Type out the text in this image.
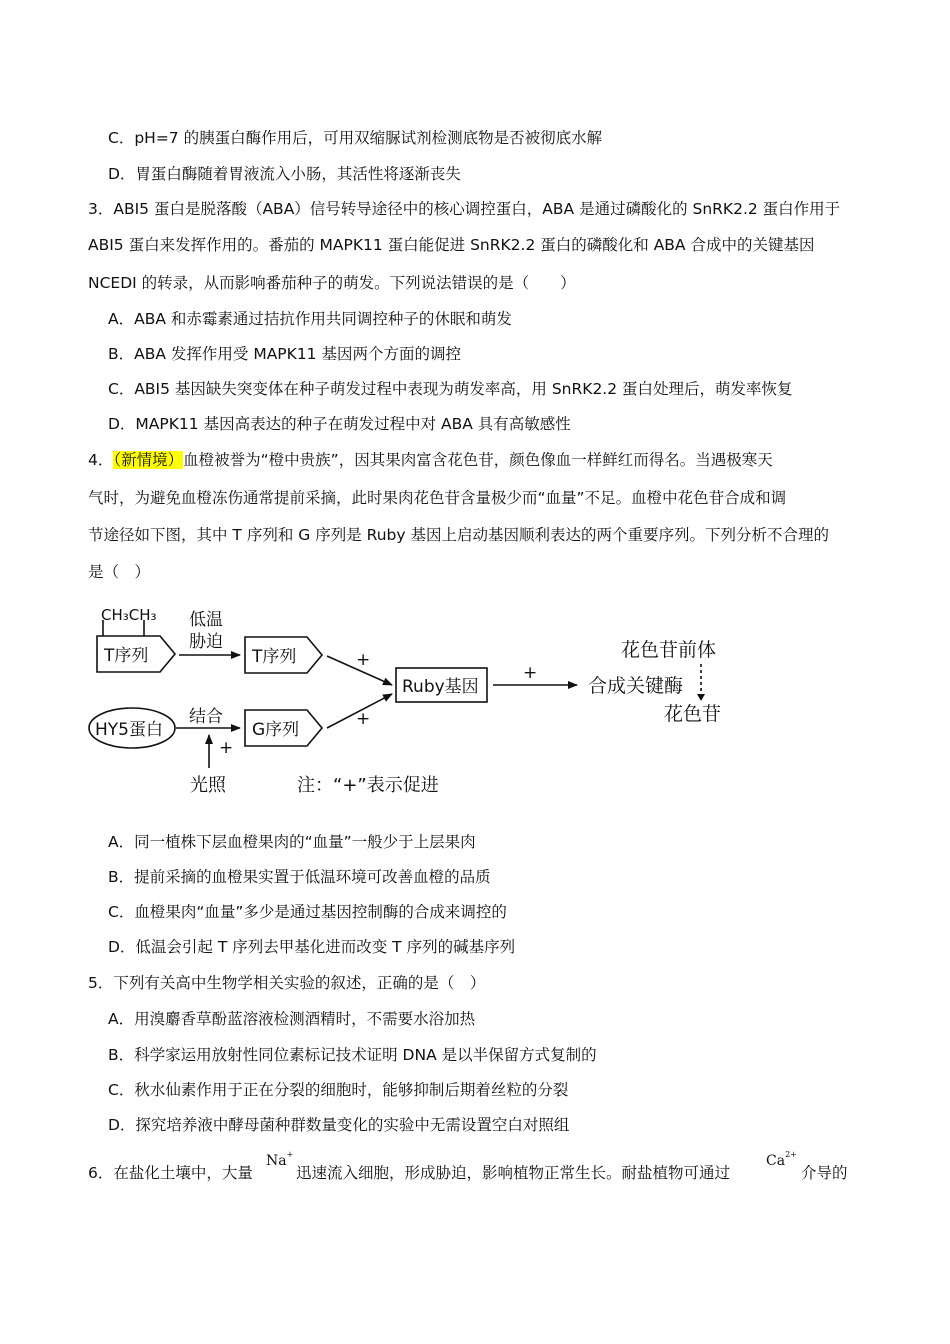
C．pH=7 的胰蛋白酶作用后，可用双缩脲试剂检测底物是否被彻底水解
D．胃蛋白酶随着胃液流入小肠，其活性将逐渐丧失
3．ABI5 蛋白是脱落酸（ABA）信号转导途径中的核心调控蛋白，ABA 是通过磷酸化的 SnRK2.2 蛋白作用于
ABI5 蛋白来发挥作用的。番茄的 MAPK11 蛋白能促进 SnRK2.2 蛋白的磷酸化和 ABA 合成中的关键基因
NCEDI 的转录，从而影响番茄种子的萌发。下列说法错误的是（　　）
A．ABA 和赤霉素通过拮抗作用共同调控种子的休眠和萌发
B．ABA 发挥作用受 MAPK11 基因两个方面的调控
C．ABI5 基因缺失突变体在种子萌发过程中表现为萌发率高，用 SnRK2.2 蛋白处理后，萌发率恢复
D．MAPK11 基因高表达的种子在萌发过程中对 ABA 具有高敏感性
4．（新情境）血橙被誉为“橙中贵族”，因其果肉富含花色苷，颜色像血一样鲜红而得名。当遇极寒天
气时，为避免血橙冻伤通常提前采摘，此时果肉花色苷含量极少而“血量”不足。血橙中花色苷合成和调
节途径如下图，其中 T 序列和 G 序列是 Ruby 基因上启动基因顺利表达的两个重要序列。下列分析不合理的
是（　）
CH₃CH₃ 低温
胁迫
T序列	T序列	+
+
+
+
Ruby基因	合成关键酶
花色苷前体
花色苷
HY5蛋白
结合
G序列
光照	注：“+”表示促进
A．同一植株下层血橙果肉的“血量”一般少于上层果肉
B．提前采摘的血橙果实置于低温环境可改善血橙的品质
C．血橙果肉“血量”多少是通过基因控制酶的合成来调控的
D．低温会引起 T 序列去甲基化进而改变 T 序列的碱基序列
5．下列有关高中生物学相关实验的叙述，正确的是（　）
A．用溴麝香草酚蓝溶液检测酒精时，不需要水浴加热
B．科学家运用放射性同位素标记技术证明 DNA 是以半保留方式复制的
C．秋水仙素作用于正在分裂的细胞时，能够抑制后期着丝粒的分裂
D．探究培养液中酵母菌种群数量变化的实验中无需设置空白对照组
6．在盐化土壤中，大量
Na+
迅速流入细胞，形成胁迫，影响植物正常生长。耐盐植物可通过
$Ca^{2+}$
介导的
